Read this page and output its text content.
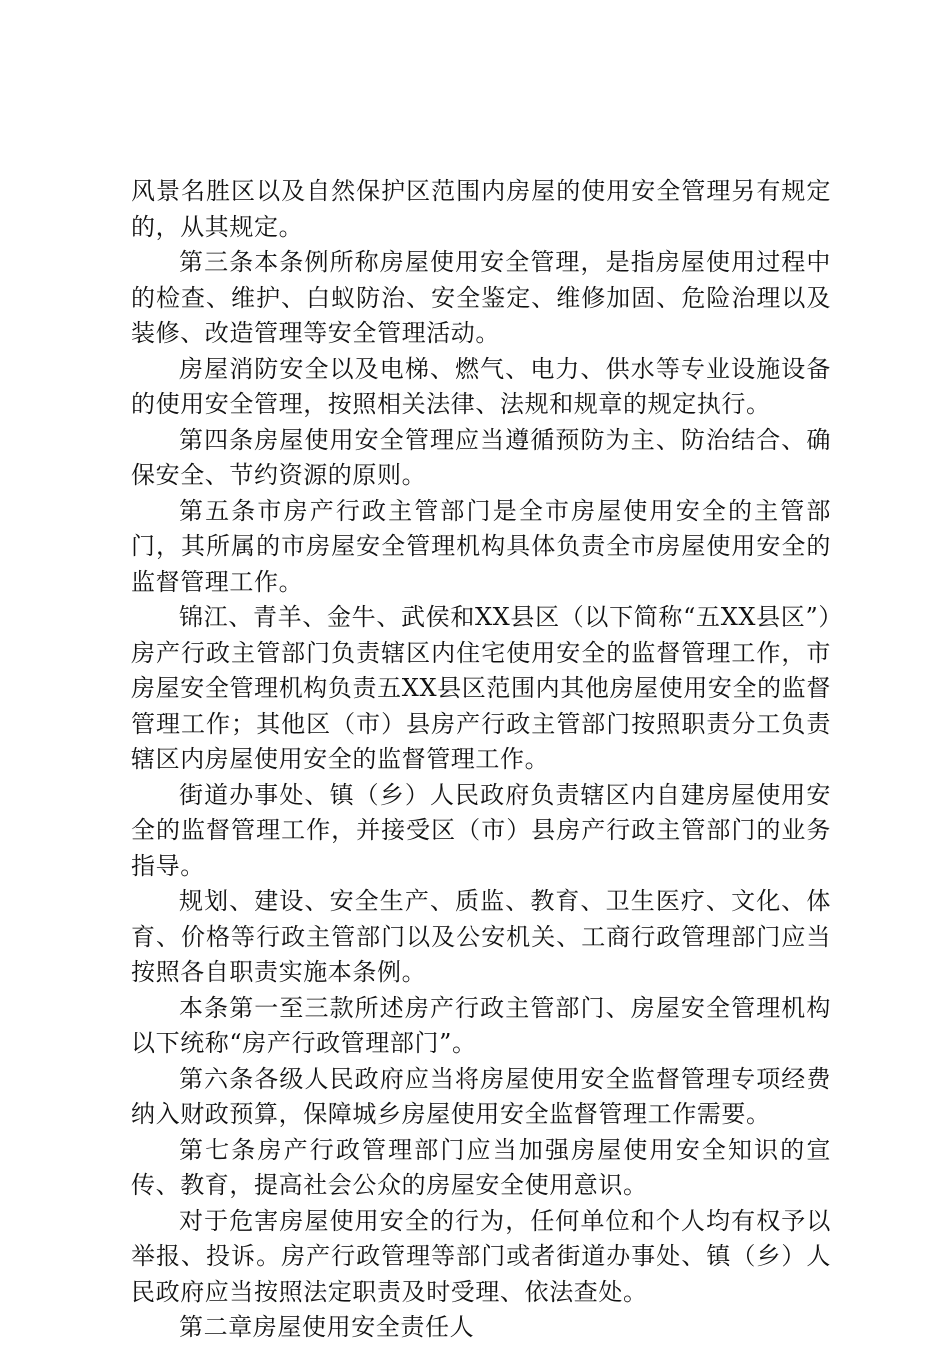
风景名胜区以及自然保护区范围内房屋的使用安全管理另有规定的，从其规定。

第三条本条例所称房屋使用安全管理，是指房屋使用过程中的检查、维护、白蚁防治、安全鉴定、维修加固、危险治理以及装修、改造管理等安全管理活动。

房屋消防安全以及电梯、燃气、电力、供水等专业设施设备的使用安全管理，按照相关法律、法规和规章的规定执行。

第四条房屋使用安全管理应当遵循预防为主、防治结合、确保安全、节约资源的原则。

第五条市房产行政主管部门是全市房屋使用安全的主管部门，其所属的市房屋安全管理机构具体负责全市房屋使用安全的监督管理工作。

锦江、青羊、金牛、武侯和XX县区（以下简称“五XX县区”）房产行政主管部门负责辖区内住宅使用安全的监督管理工作，市房屋安全管理机构负责五XX县区范围内其他房屋使用安全的监督管理工作；其他区（市）县房产行政主管部门按照职责分工负责辖区内房屋使用安全的监督管理工作。

街道办事处、镇（乡）人民政府负责辖区内自建房屋使用安全的监督管理工作，并接受区（市）县房产行政主管部门的业务指导。

规划、建设、安全生产、质监、教育、卫生医疗、文化、体育、价格等行政主管部门以及公安机关、工商行政管理部门应当按照各自职责实施本条例。

本条第一至三款所述房产行政主管部门、房屋安全管理机构以下统称“房产行政管理部门”。

第六条各级人民政府应当将房屋使用安全监督管理专项经费纳入财政预算，保障城乡房屋使用安全监督管理工作需要。

第七条房产行政管理部门应当加强房屋使用安全知识的宣传、教育，提高社会公众的房屋安全使用意识。

对于危害房屋使用安全的行为，任何单位和个人均有权予以举报、投诉。房产行政管理等部门或者街道办事处、镇（乡）人民政府应当按照法定职责及时受理、依法查处。

第二章房屋使用安全责任人
